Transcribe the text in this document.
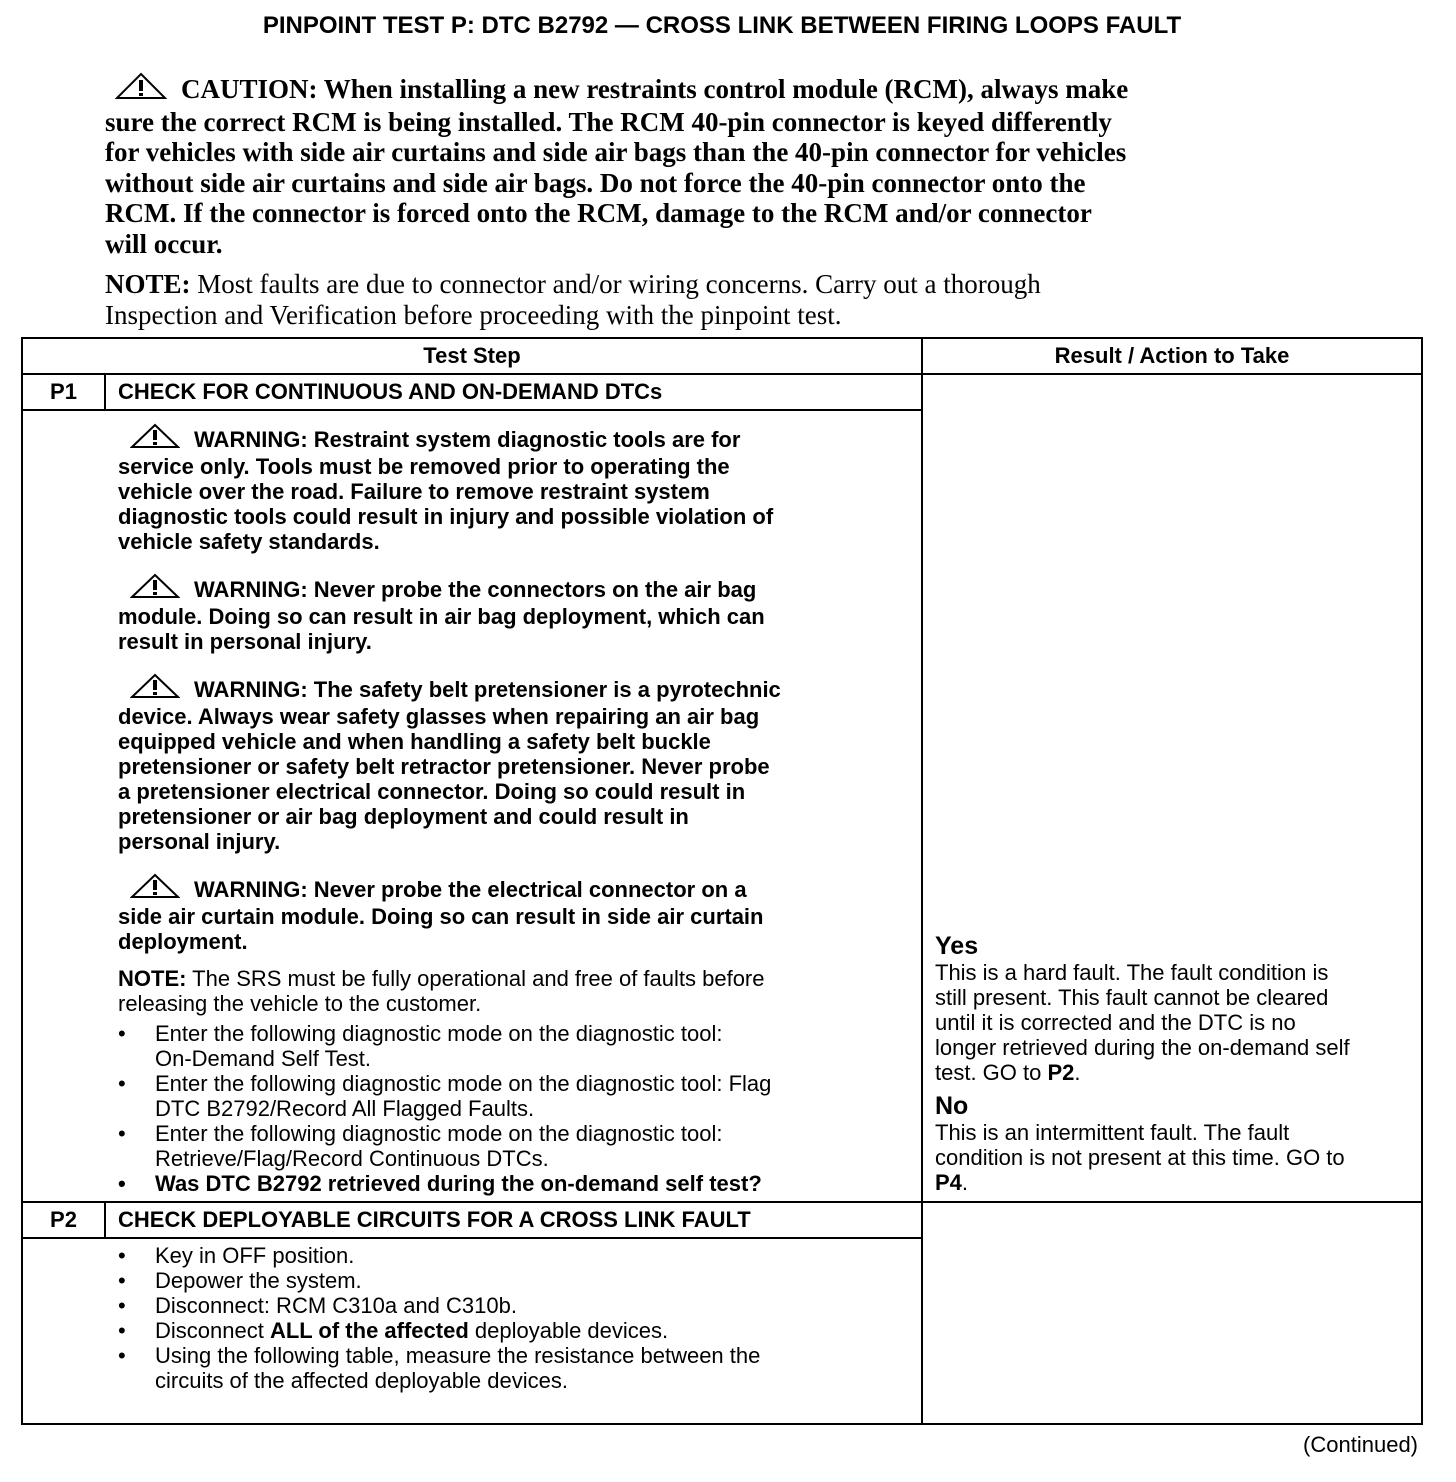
PINPOINT TEST P: DTC B2792 — CROSS LINK BETWEEN FIRING LOOPS FAULT
CAUTION: When installing a new restraints control module (RCM), always make
sure the correct RCM is being installed. The RCM 40-pin connector is keyed differently
for vehicles with side air curtains and side air bags than the 40-pin connector for vehicles
without side air curtains and side air bags. Do not force the 40-pin connector onto the
RCM. If the connector is forced onto the RCM, damage to the RCM and/or connector
will occur.
NOTE: Most faults are due to connector and/or wiring concerns. Carry out a thorough
Inspection and Verification before proceeding with the pinpoint test.
Test Step	Result / Action to Take
P1	CHECK FOR CONTINUOUS AND ON-DEMAND DTCs
WARNING: Restraint system diagnostic tools are for
service only. Tools must be removed prior to operating the
vehicle over the road. Failure to remove restraint system
diagnostic tools could result in injury and possible violation of
vehicle safety standards.
WARNING: Never probe the connectors on the air bag
module. Doing so can result in air bag deployment, which can
result in personal injury.
WARNING: The safety belt pretensioner is a pyrotechnic
device. Always wear safety glasses when repairing an air bag
equipped vehicle and when handling a safety belt buckle
pretensioner or safety belt retractor pretensioner. Never probe
a pretensioner electrical connector. Doing so could result in
pretensioner or air bag deployment and could result in
personal injury.
WARNING: Never probe the electrical connector on a
side air curtain module. Doing so can result in side air curtain
deployment.
NOTE: The SRS must be fully operational and free of faults before
releasing the vehicle to the customer.
• Enter the following diagnostic mode on the diagnostic tool:
On-Demand Self Test.
• Enter the following diagnostic mode on the diagnostic tool: Flag
DTC B2792/Record All Flagged Faults.
• Enter the following diagnostic mode on the diagnostic tool:
Retrieve/Flag/Record Continuous DTCs.
• Was DTC B2792 retrieved during the on-demand self test?
Yes
This is a hard fault. The fault condition is
still present. This fault cannot be cleared
until it is corrected and the DTC is no
longer retrieved during the on-demand self
test. GO to P2.
No
This is an intermittent fault. The fault
condition is not present at this time. GO to
P4.
P2	CHECK DEPLOYABLE CIRCUITS FOR A CROSS LINK FAULT
• Key in OFF position.
• Depower the system.
• Disconnect: RCM C310a and C310b.
• Disconnect ALL of the affected deployable devices.
• Using the following table, measure the resistance between the
circuits of the affected deployable devices.
(Continued)
